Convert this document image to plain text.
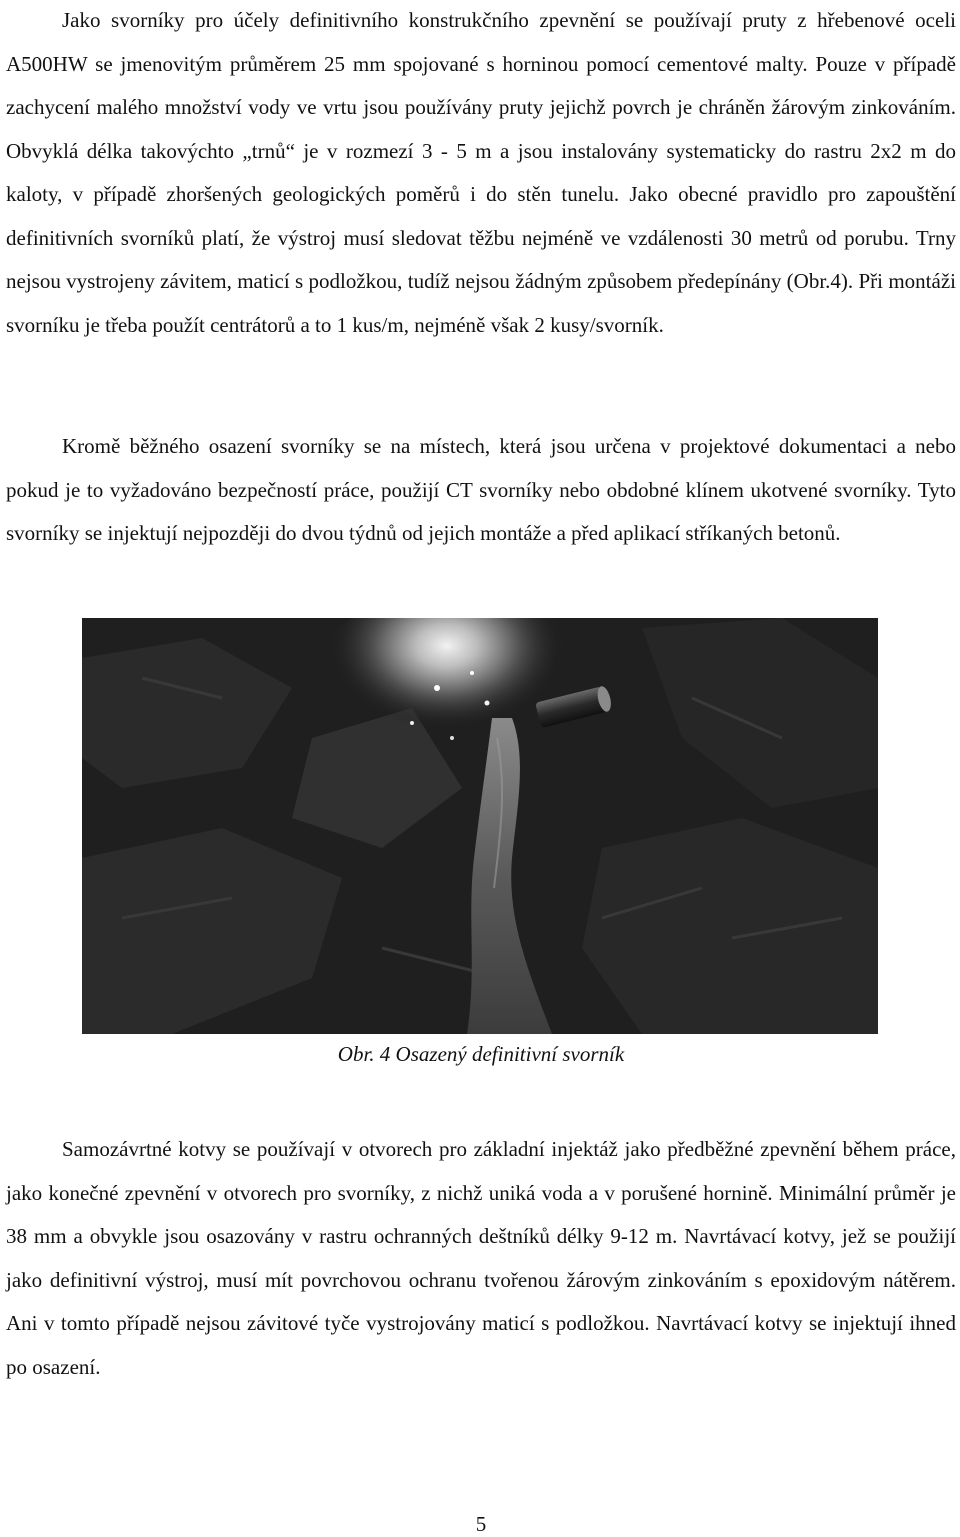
Jako svorníky pro účely definitivního konstrukčního zpevnění se používají pruty z hřebenové oceli A500HW se jmenovitým průměrem 25 mm spojované s horninou pomocí cementové malty. Pouze v případě zachycení malého množství vody ve vrtu jsou používány pruty jejichž povrch je chráněn žárovým zinkováním. Obvyklá délka takovýchto „trnů“ je v rozmezí 3 - 5 m a jsou instalovány systematicky do rastru 2x2 m do kaloty, v případě zhoršených geologických poměrů i do stěn tunelu. Jako obecné pravidlo pro zapouštění definitivních svorníků platí, že výstroj musí sledovat těžbu nejméně ve vzdálenosti 30 metrů od porubu. Trny nejsou vystrojeny závitem, maticí s podložkou, tudíž nejsou žádným způsobem předepínány (Obr.4). Při montáži svorníku je třeba použít centrátorů a to 1 kus/m, nejméně však 2 kusy/svorník.

Kromě běžného osazení svorníky se na místech, která jsou určena v projektové dokumentaci a nebo pokud je to vyžadováno bezpečností práce, použijí CT svorníky nebo obdobné klínem ukotvené svorníky. Tyto svorníky se injektují nejpozději do dvou týdnů od jejich montáže a před aplikací stříkaných betonů.

Obr. 4 Osazený definitivní svorník

Samozávrtné kotvy se používají v otvorech pro základní injektáž jako předběžné zpevnění během práce, jako konečné zpevnění v otvorech pro svorníky, z nichž uniká voda a v porušené hornině. Minimální průměr je 38 mm a obvykle jsou osazovány v rastru ochranných deštníků délky 9-12 m. Navrtávací kotvy, jež se použijí jako definitivní výstroj, musí mít povrchovou ochranu tvořenou žárovým zinkováním s epoxidovým nátěrem. Ani v tomto případě nejsou závitové tyče vystrojovány maticí s podložkou. Navrtávací kotvy se injektují ihned po osazení.

5
